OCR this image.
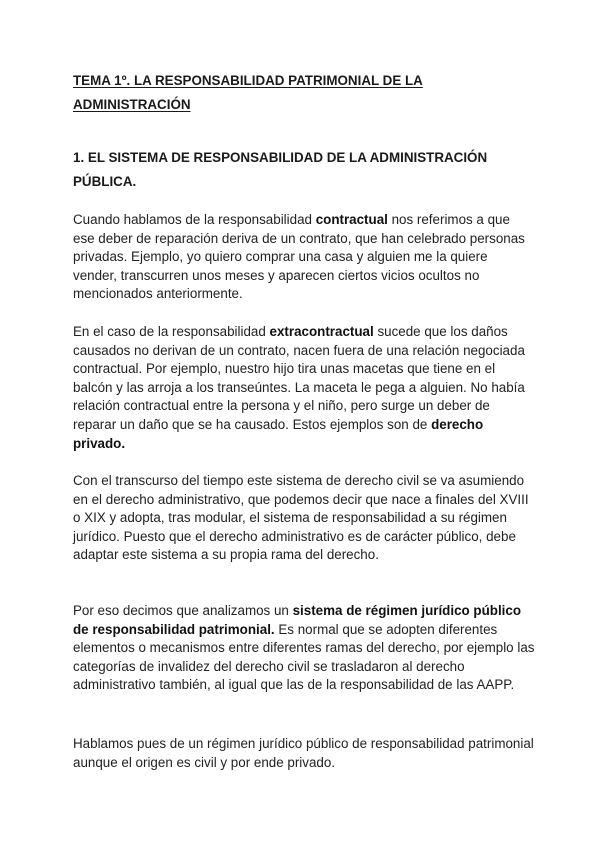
TEMA 1º. LA RESPONSABILIDAD PATRIMONIAL DE LA ADMINISTRACIÓN
1. EL SISTEMA DE RESPONSABILIDAD DE LA ADMINISTRACIÓN PÚBLICA.

Cuando hablamos de la responsabilidad contractual nos referimos a que ese deber de reparación deriva de un contrato, que han celebrado personas privadas. Ejemplo, yo quiero comprar una casa y alguien me la quiere vender, transcurren unos meses y aparecen ciertos vicios ocultos no mencionados anteriormente.

En el caso de la responsabilidad extracontractual sucede que los daños causados no derivan de un contrato, nacen fuera de una relación negociada contractual. Por ejemplo, nuestro hijo tira unas macetas que tiene en el balcón y las arroja a los transeúntes. La maceta le pega a alguien. No había relación contractual entre la persona y el niño, pero surge un deber de reparar un daño que se ha causado. Estos ejemplos son de derecho privado.

Con el transcurso del tiempo este sistema de derecho civil se va asumiendo en el derecho administrativo, que podemos decir que nace a finales del XVIII o XIX y adopta, tras modular, el sistema de responsabilidad a su régimen jurídico. Puesto que el derecho administrativo es de carácter público, debe adaptar este sistema a su propia rama del derecho.

Por eso decimos que analizamos un sistema de régimen jurídico público de responsabilidad patrimonial. Es normal que se adopten diferentes elementos o mecanismos entre diferentes ramas del derecho, por ejemplo las categorías de invalidez del derecho civil se trasladaron al derecho administrativo también, al igual que las de la responsabilidad de las AAPP.

Hablamos pues de un régimen jurídico público de responsabilidad patrimonial aunque el origen es civil y por ende privado.
